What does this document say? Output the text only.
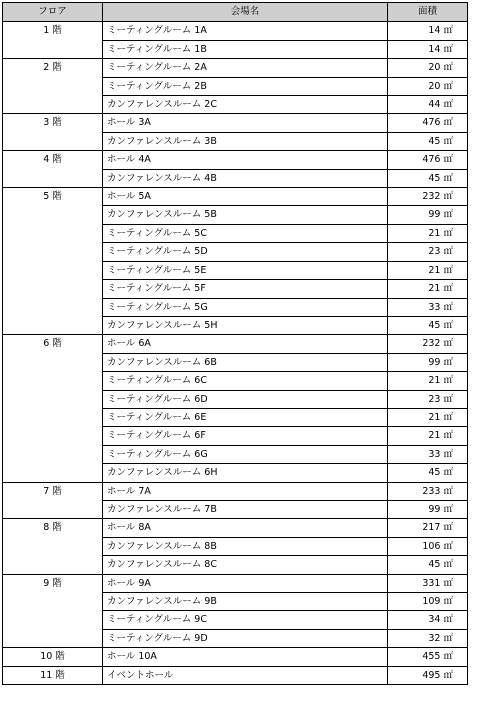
フロア	会場名	面積
1 階	ミーティングルーム 1A	14 ㎡
	ミーティングルーム 1B	14 ㎡
2 階	ミーティングルーム 2A	20 ㎡
	ミーティングルーム 2B	20 ㎡
	カンファレンスルーム 2C	44 ㎡
3 階	ホール 3A	476 ㎡
	カンファレンスルーム 3B	45 ㎡
4 階	ホール 4A	476 ㎡
	カンファレンスルーム 4B	45 ㎡
5 階	ホール 5A	232 ㎡
	カンファレンスルーム 5B	99 ㎡
	ミーティングルーム 5C	21 ㎡
	ミーティングルーム 5D	23 ㎡
	ミーティングルーム 5E	21 ㎡
	ミーティングルーム 5F	21 ㎡
	ミーティングルーム 5G	33 ㎡
	カンファレンスルーム 5H	45 ㎡
6 階	ホール 6A	232 ㎡
	カンファレンスルーム 6B	99 ㎡
	ミーティングルーム 6C	21 ㎡
	ミーティングルーム 6D	23 ㎡
	ミーティングルーム 6E	21 ㎡
	ミーティングルーム 6F	21 ㎡
	ミーティングルーム 6G	33 ㎡
	カンファレンスルーム 6H	45 ㎡
7 階	ホール 7A	233 ㎡
	カンファレンスルーム 7B	99 ㎡
8 階	ホール 8A	217 ㎡
	カンファレンスルーム 8B	106 ㎡
	カンファレンスルーム 8C	45 ㎡
9 階	ホール 9A	331 ㎡
	カンファレンスルーム 9B	109 ㎡
	ミーティングルーム 9C	34 ㎡
	ミーティングルーム 9D	32 ㎡
10 階	ホール 10A	455 ㎡
11 階	イベントホール	495 ㎡
